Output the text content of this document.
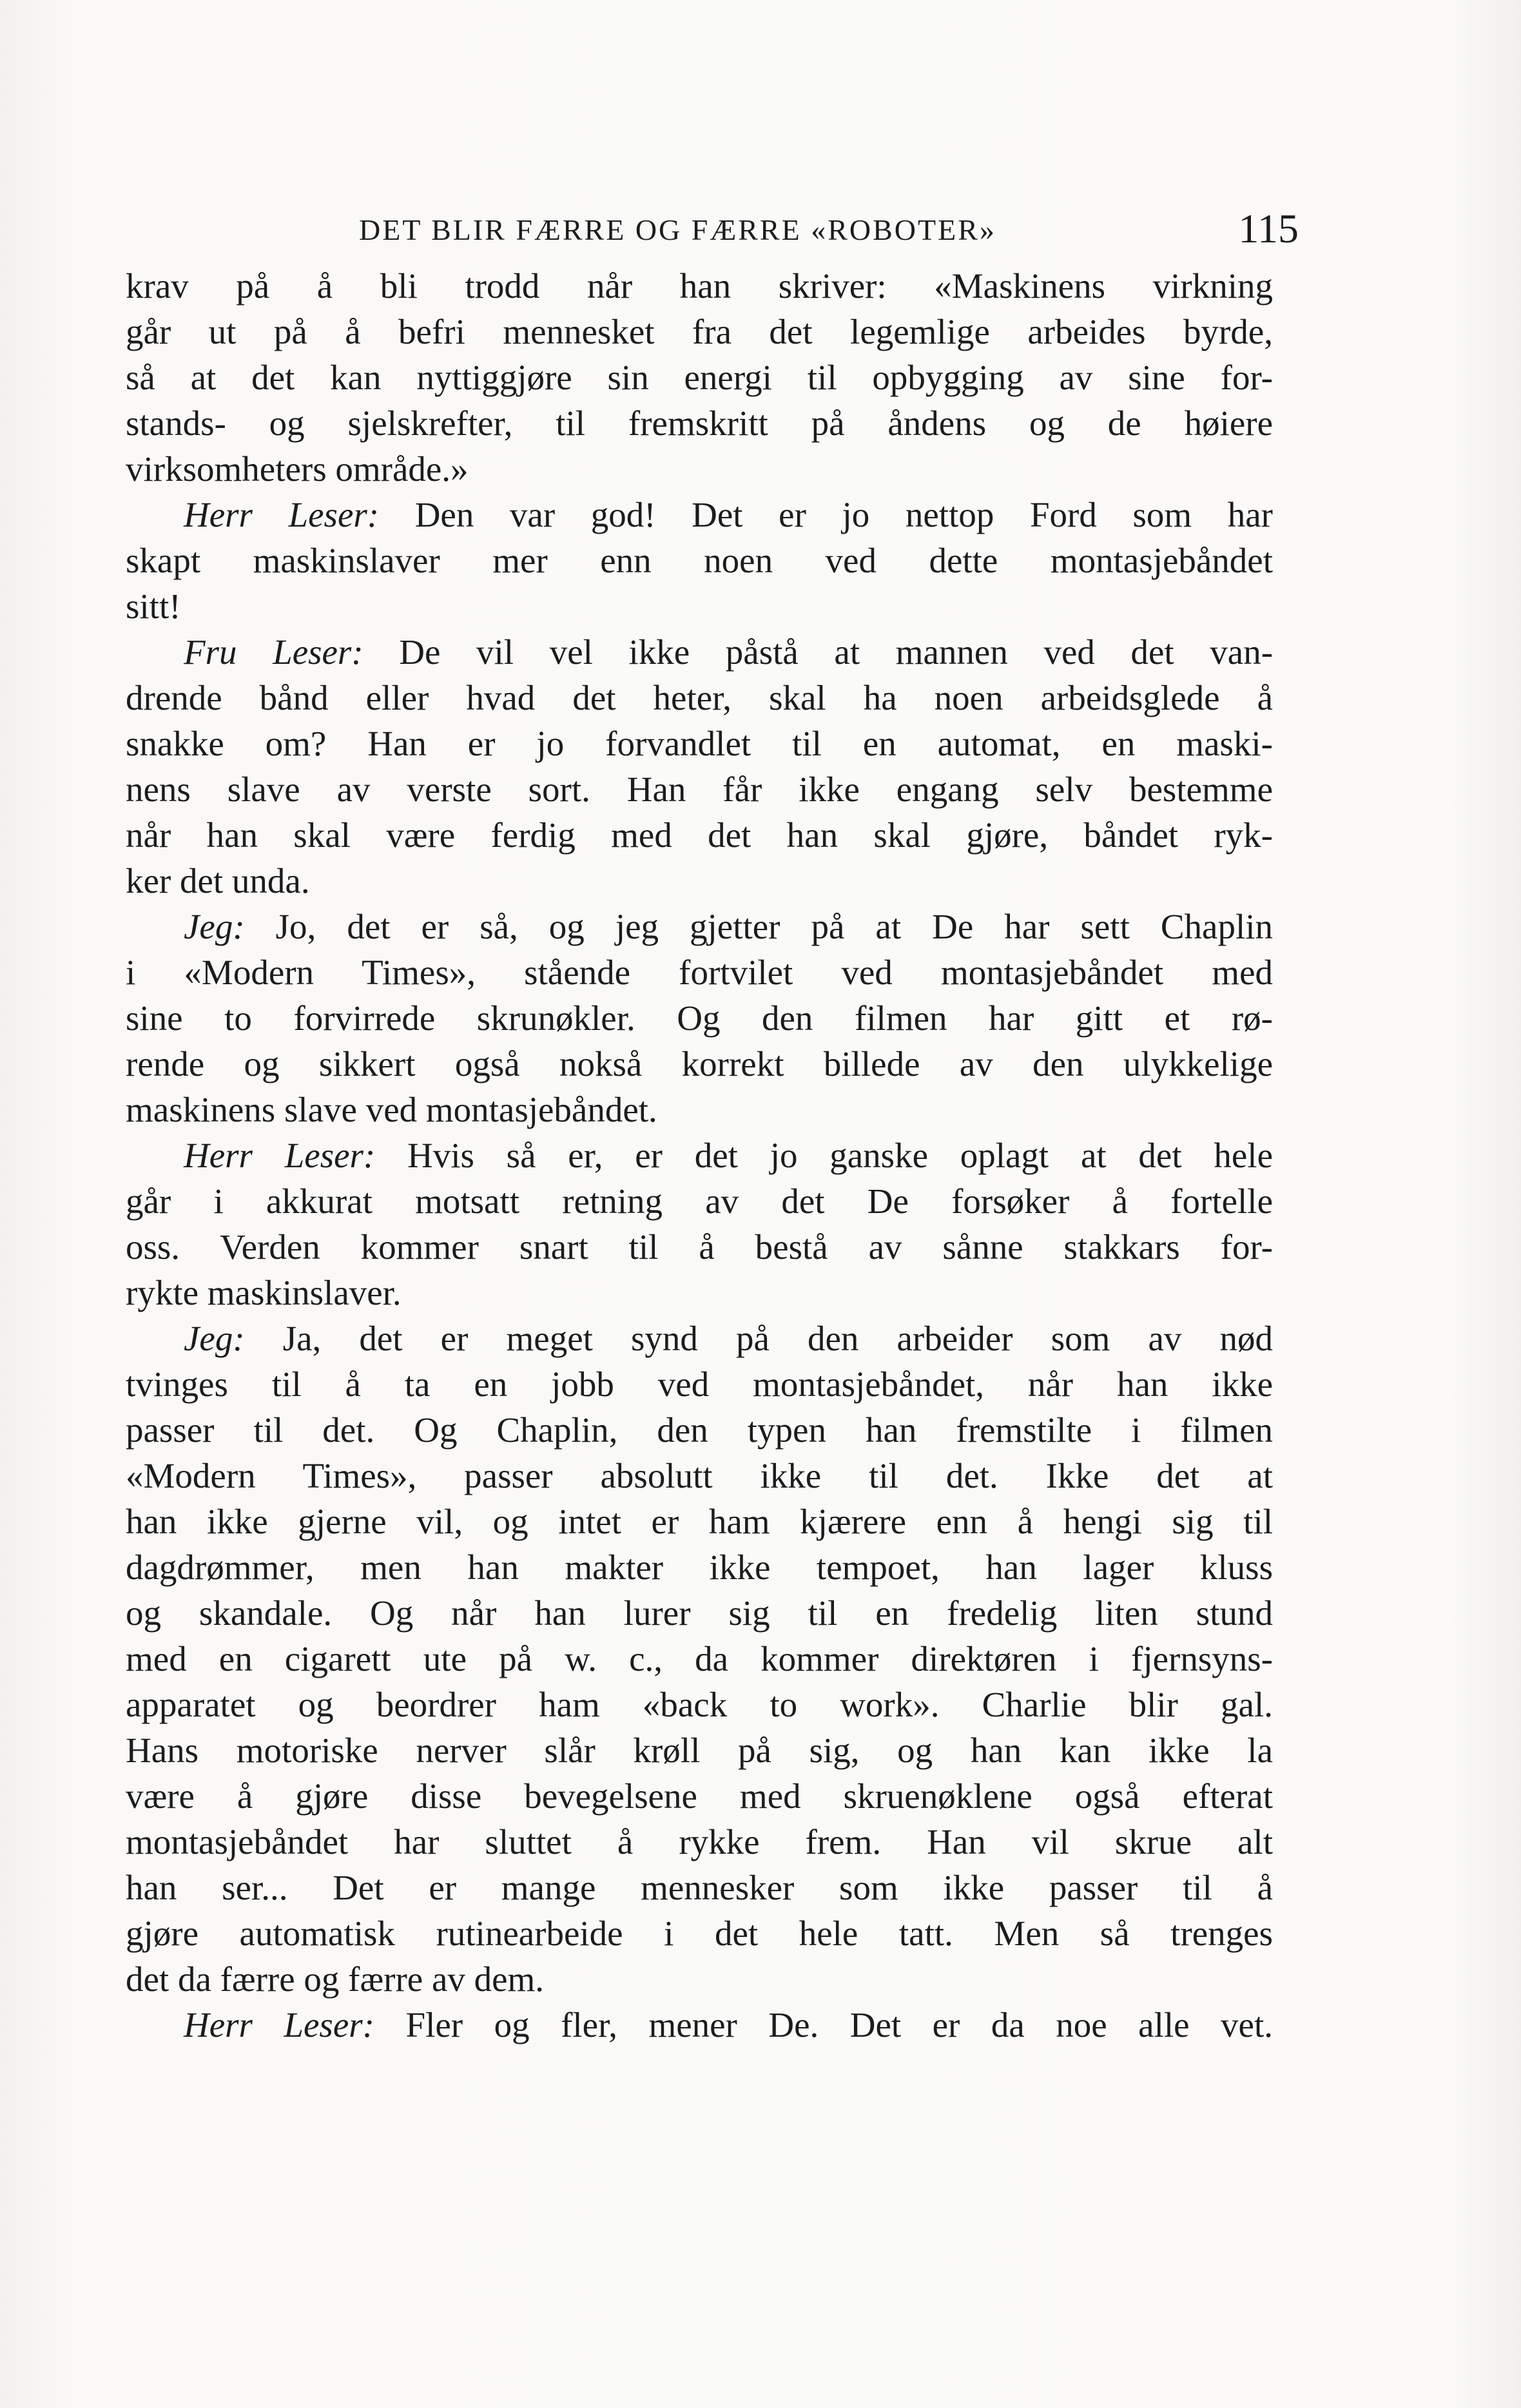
DET BLIR FÆRRE OG FÆRRE «ROBOTER»	115
krav på å bli trodd når han skriver: «Maskinens virkning
går ut på å befri mennesket fra det legemlige arbeides byrde,
så at det kan nyttiggjøre sin energi til opbygging av sine for-
stands- og sjelskrefter, til fremskritt på åndens og de høiere
virksomheters område.»
Herr Leser: Den var god! Det er jo nettop Ford som har
skapt maskinslaver mer enn noen ved dette montasjebåndet
sitt!
Fru Leser: De vil vel ikke påstå at mannen ved det van-
drende bånd eller hvad det heter, skal ha noen arbeidsglede å
snakke om? Han er jo forvandlet til en automat, en maski-
nens slave av verste sort. Han får ikke engang selv bestemme
når han skal være ferdig med det han skal gjøre, båndet ryk-
ker det unda.
Jeg: Jo, det er så, og jeg gjetter på at De har sett Chaplin
i «Modern Times», stående fortvilet ved montasjebåndet med
sine to forvirrede skrunøkler. Og den filmen har gitt et rø-
rende og sikkert også nokså korrekt billede av den ulykkelige
maskinens slave ved montasjebåndet.
Herr Leser: Hvis så er, er det jo ganske oplagt at det hele
går i akkurat motsatt retning av det De forsøker å fortelle
oss. Verden kommer snart til å bestå av sånne stakkars for-
rykte maskinslaver.
Jeg: Ja, det er meget synd på den arbeider som av nød
tvinges til å ta en jobb ved montasjebåndet, når han ikke
passer til det. Og Chaplin, den typen han fremstilte i filmen
«Modern Times», passer absolutt ikke til det. Ikke det at
han ikke gjerne vil, og intet er ham kjærere enn å hengi sig til
dagdrømmer, men han makter ikke tempoet, han lager kluss
og skandale. Og når han lurer sig til en fredelig liten stund
med en cigarett ute på w. c., da kommer direktøren i fjernsyns-
apparatet og beordrer ham «back to work». Charlie blir gal.
Hans motoriske nerver slår krøll på sig, og han kan ikke la
være å gjøre disse bevegelsene med skruenøklene også efterat
montasjebåndet har sluttet å rykke frem. Han vil skrue alt
han ser... Det er mange mennesker som ikke passer til å
gjøre automatisk rutinearbeide i det hele tatt. Men så trenges
det da færre og færre av dem.
Herr Leser: Fler og fler, mener De. Det er da noe alle vet.
